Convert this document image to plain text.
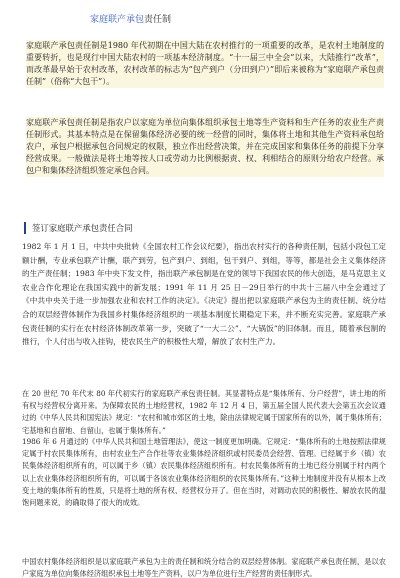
家庭联产承包责任制
家庭联产承包责任制是1980 年代初期在中国大陆在农村推行的一项重要的改革，是农村土地制度的重要转折，也是现行中国大陆农村的一项基本经济制度。“十一届三中全会”以来，大陆推行“改革”，而改革最早始于农村改革，农村改革的标志为“包产到户（分田到户）”即后来被称为“家庭联产承包责任制”（俗称“大包干”）。
家庭联产承包责任制是指农户以家庭为单位向集体组织承包土地等生产资料和生产任务的农业生产责任制形式。其基本特点是在保留集体经济必要的统一经营的同时，集体将土地和其他生产资料承包给农户，承包户根据承包合同规定的权限，独立作出经营决策，并在完成国家和集体任务的前提下分享经营成果。一般做法是将土地等按人口或劳动力比例根据责、权、利相结合的原则分给农户经营。承包户和集体经济组织签定承包合同。
签订家庭联产承包责任合同
1982 年 1 月 1 日，中共中央批转《全国农村工作会议纪要》，指出农村实行的各种责任制，包括小段包工定额计酬，专业承包联产计酬，联产到劳，包产到户、到组，包干到户、到组，等等，都是社会主义集体经济的生产责任制；1983 年中央下发文件，指出联产承包制是在党的领导下我国农民的伟大创造，是马克思主义农业合作化理论在我国实践中的新发展；1991 年 11 月 25 日－29日举行的中共十三届八中全会通过了《中共中央关于进一步加强农业和农村工作的决定》。《决定》提出把以家庭联产承包为主的责任制、统分结合的双层经营体制作为我国乡村集体经济组织的一项基本制度长期稳定下来，并不断充实完善。家庭联产承包责任制的实行在农村经济体制改革第一步，突破了“一大二公”、“大锅饭”的旧体制。而且，随着承包制的推行，个人付出与收入挂钩，使农民生产的积极性大增，解放了农村生产力。
在 20 世纪 70 年代末 80 年代初实行的家庭联产承包责任制。其显著特点是“集体所有、分户经营”，讲土地的所有权与经营权分离开来。为保障农民的土地经营权，1982 年 12 月 4 日，第五届全国人民代表大会第五次会议通过的《中华人民共和国宪法》规定：“农村和城市郊区的土地，除由法律规定属于国家所有的以外，属于集体所有；宅基地和自留地、自留山，也属于集体所有。”
1986 年 6 月通过的《中华人民共和国土地管理法》，使这一制度更加明确。它规定：“集体所有的土地按照法律规定属于村农民集体所有，由村农业生产合作社等农业集体经济组织或村民委员会经营、管理。已经属于乡（镇）农民集体经济组织所有的，可以属于乡（镇）农民集体经济组织所有。村农民集体所有的土地已经分别属于村内两个以上农业集体经济组织所有的，可以属于各该农业集体经济组织的农民集体所有。”这种土地制度并没有从根本上改变土地的集体所有的性质，只是将土地的所有权、经营权分开了。但在当时，对调动农民的积极性、解放农民的温饱问题来说，的确取得了很大的成效。
中国农村集体经济组织是以家庭联产承包为主的责任制和统分结合的双层经营体制。家庭联产承包责任制，是以农户家庭为单位向集体经济组织承包土地等生产资料，以户为单位进行生产经营的责任制形式。
